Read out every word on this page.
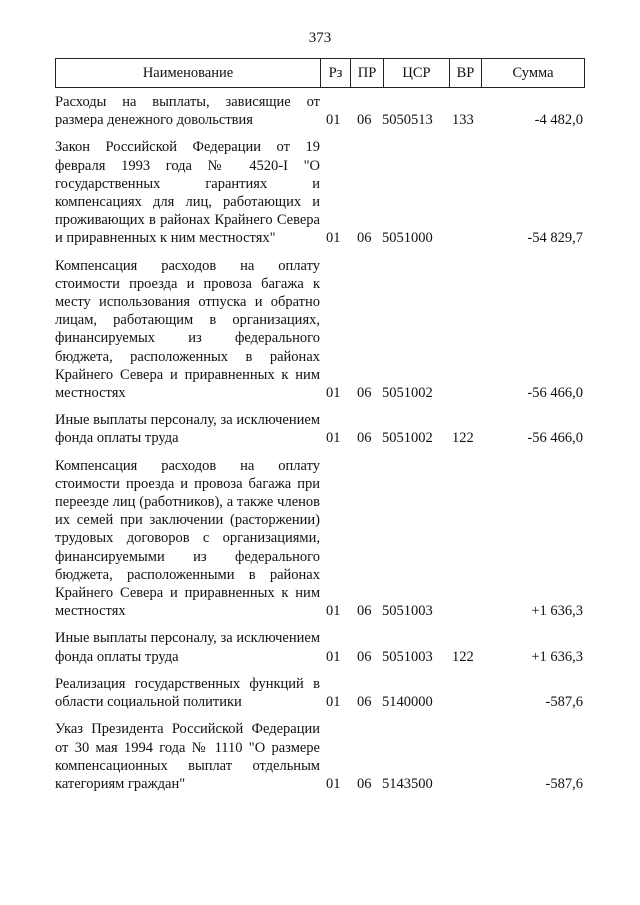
373
Наименование	Рз	ПР	ЦСР	ВР	Сумма
Расходы на выплаты, зависящие от размера денежного довольствия	01 06 5050513 133	-4 482,0
Закон Российской Федерации от 19 февраля 1993 года № 4520-I "О государственных гарантиях и компенсациях для лиц, работающих и проживающих в районах Крайнего Севера и приравненных к ним местностях"	01 06 5051000	-54 829,7
Компенсация расходов на оплату стоимости проезда и провоза багажа к месту использования отпуска и обратно лицам, работающим в организациях, финансируемых из федерального бюджета, расположенных в районах Крайнего Севера и приравненных к ним местностях	01 06 5051002	-56 466,0
Иные выплаты персоналу, за исключением фонда оплаты труда	01 06 5051002 122	-56 466,0
Компенсация расходов на оплату стоимости проезда и провоза багажа при переезде лиц (работников), а также членов их семей при заключении (расторжении) трудовых договоров с организациями, финансируемыми из федерального бюджета, расположенными в районах Крайнего Севера и приравненных к ним местностях	01 06 5051003	+1 636,3
Иные выплаты персоналу, за исключением фонда оплаты труда	01 06 5051003 122	+1 636,3
Реализация государственных функций в области социальной политики	01 06 5140000	-587,6
Указ Президента Российской Федерации от 30 мая 1994 года № 1110 "О размере компенсационных выплат отдельным категориям граждан"	01 06 5143500	-587,6
